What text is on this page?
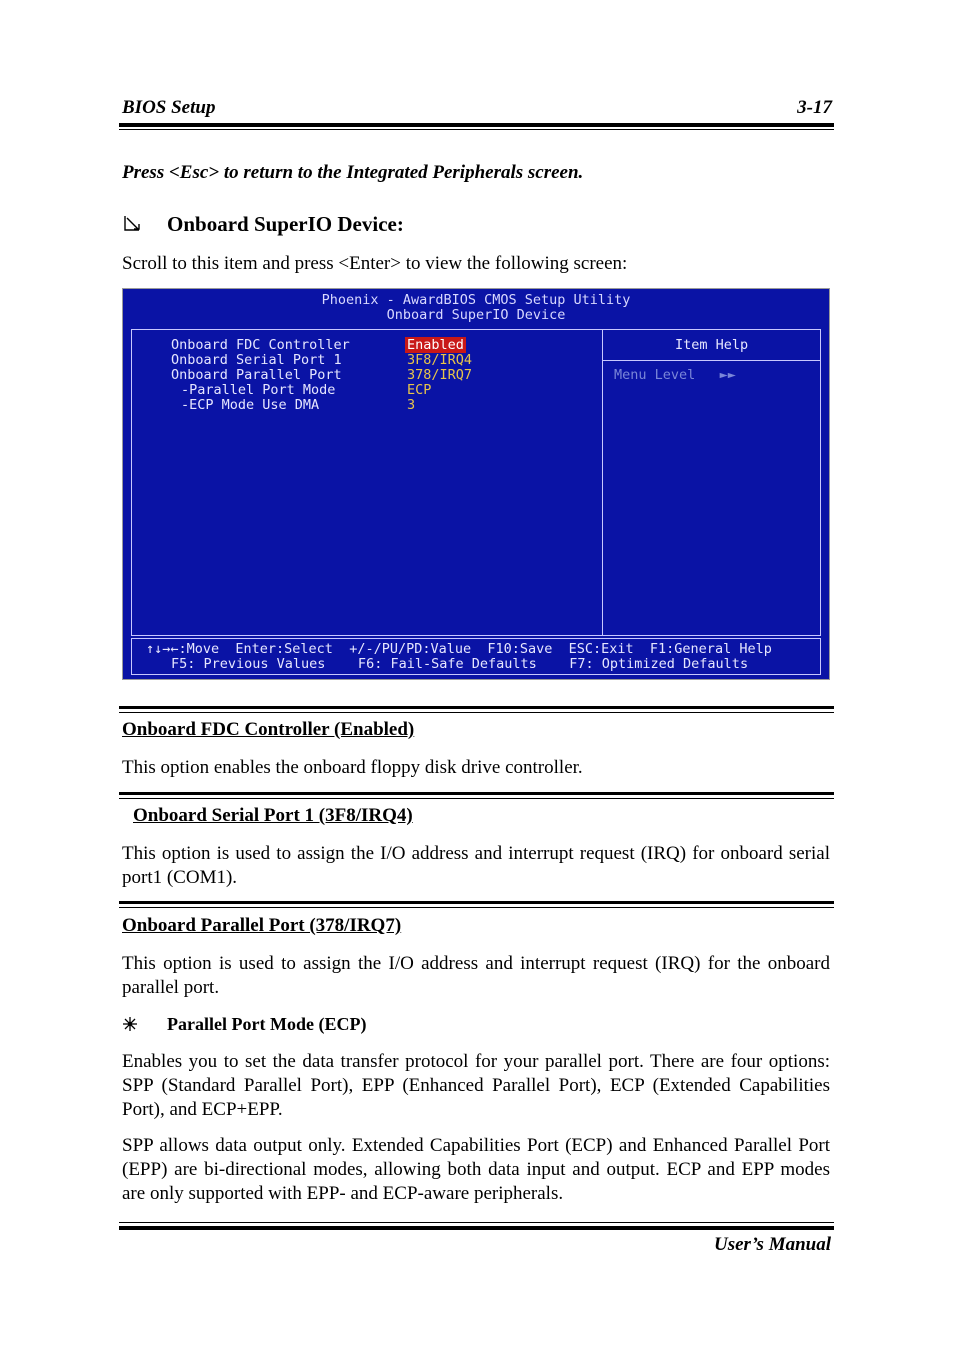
BIOS Setup	3-17
Press <Esc> to return to the Integrated Peripherals screen.
Onboard SuperIO Device:
Scroll to this item and press <Enter> to view the following screen:
Phoenix - AwardBIOS CMOS Setup Utility
Onboard SuperIO Device
Onboard FDC Controller	Enabled
Onboard Serial Port 1	3F8/IRQ4
Onboard Parallel Port	378/IRQ7
-Parallel Port Mode	ECP
-ECP Mode Use DMA	3
Item Help
Menu Level   ►►
↑↓→←:Move  Enter:Select  +/-/PU/PD:Value  F10:Save  ESC:Exit  F1:General Help
F5: Previous Values    F6: Fail-Safe Defaults    F7: Optimized Defaults
Onboard FDC Controller (Enabled)
This option enables the onboard floppy disk drive controller.
Onboard Serial Port 1 (3F8/IRQ4)
This option is used to assign the I/O address and interrupt request (IRQ) for onboard serial port1 (COM1).
Onboard Parallel Port (378/IRQ7)
This option is used to assign the I/O address and interrupt request (IRQ) for the onboard parallel port.
Parallel Port Mode (ECP)
Enables you to set the data transfer protocol for your parallel port. There are four options: SPP (Standard Parallel Port), EPP (Enhanced Parallel Port), ECP (Extended Capabilities Port), and ECP+EPP.
SPP allows data output only. Extended Capabilities Port (ECP) and Enhanced Parallel Port (EPP) are bi-directional modes, allowing both data input and output. ECP and EPP modes are only supported with EPP- and ECP-aware peripherals.
User’s Manual
